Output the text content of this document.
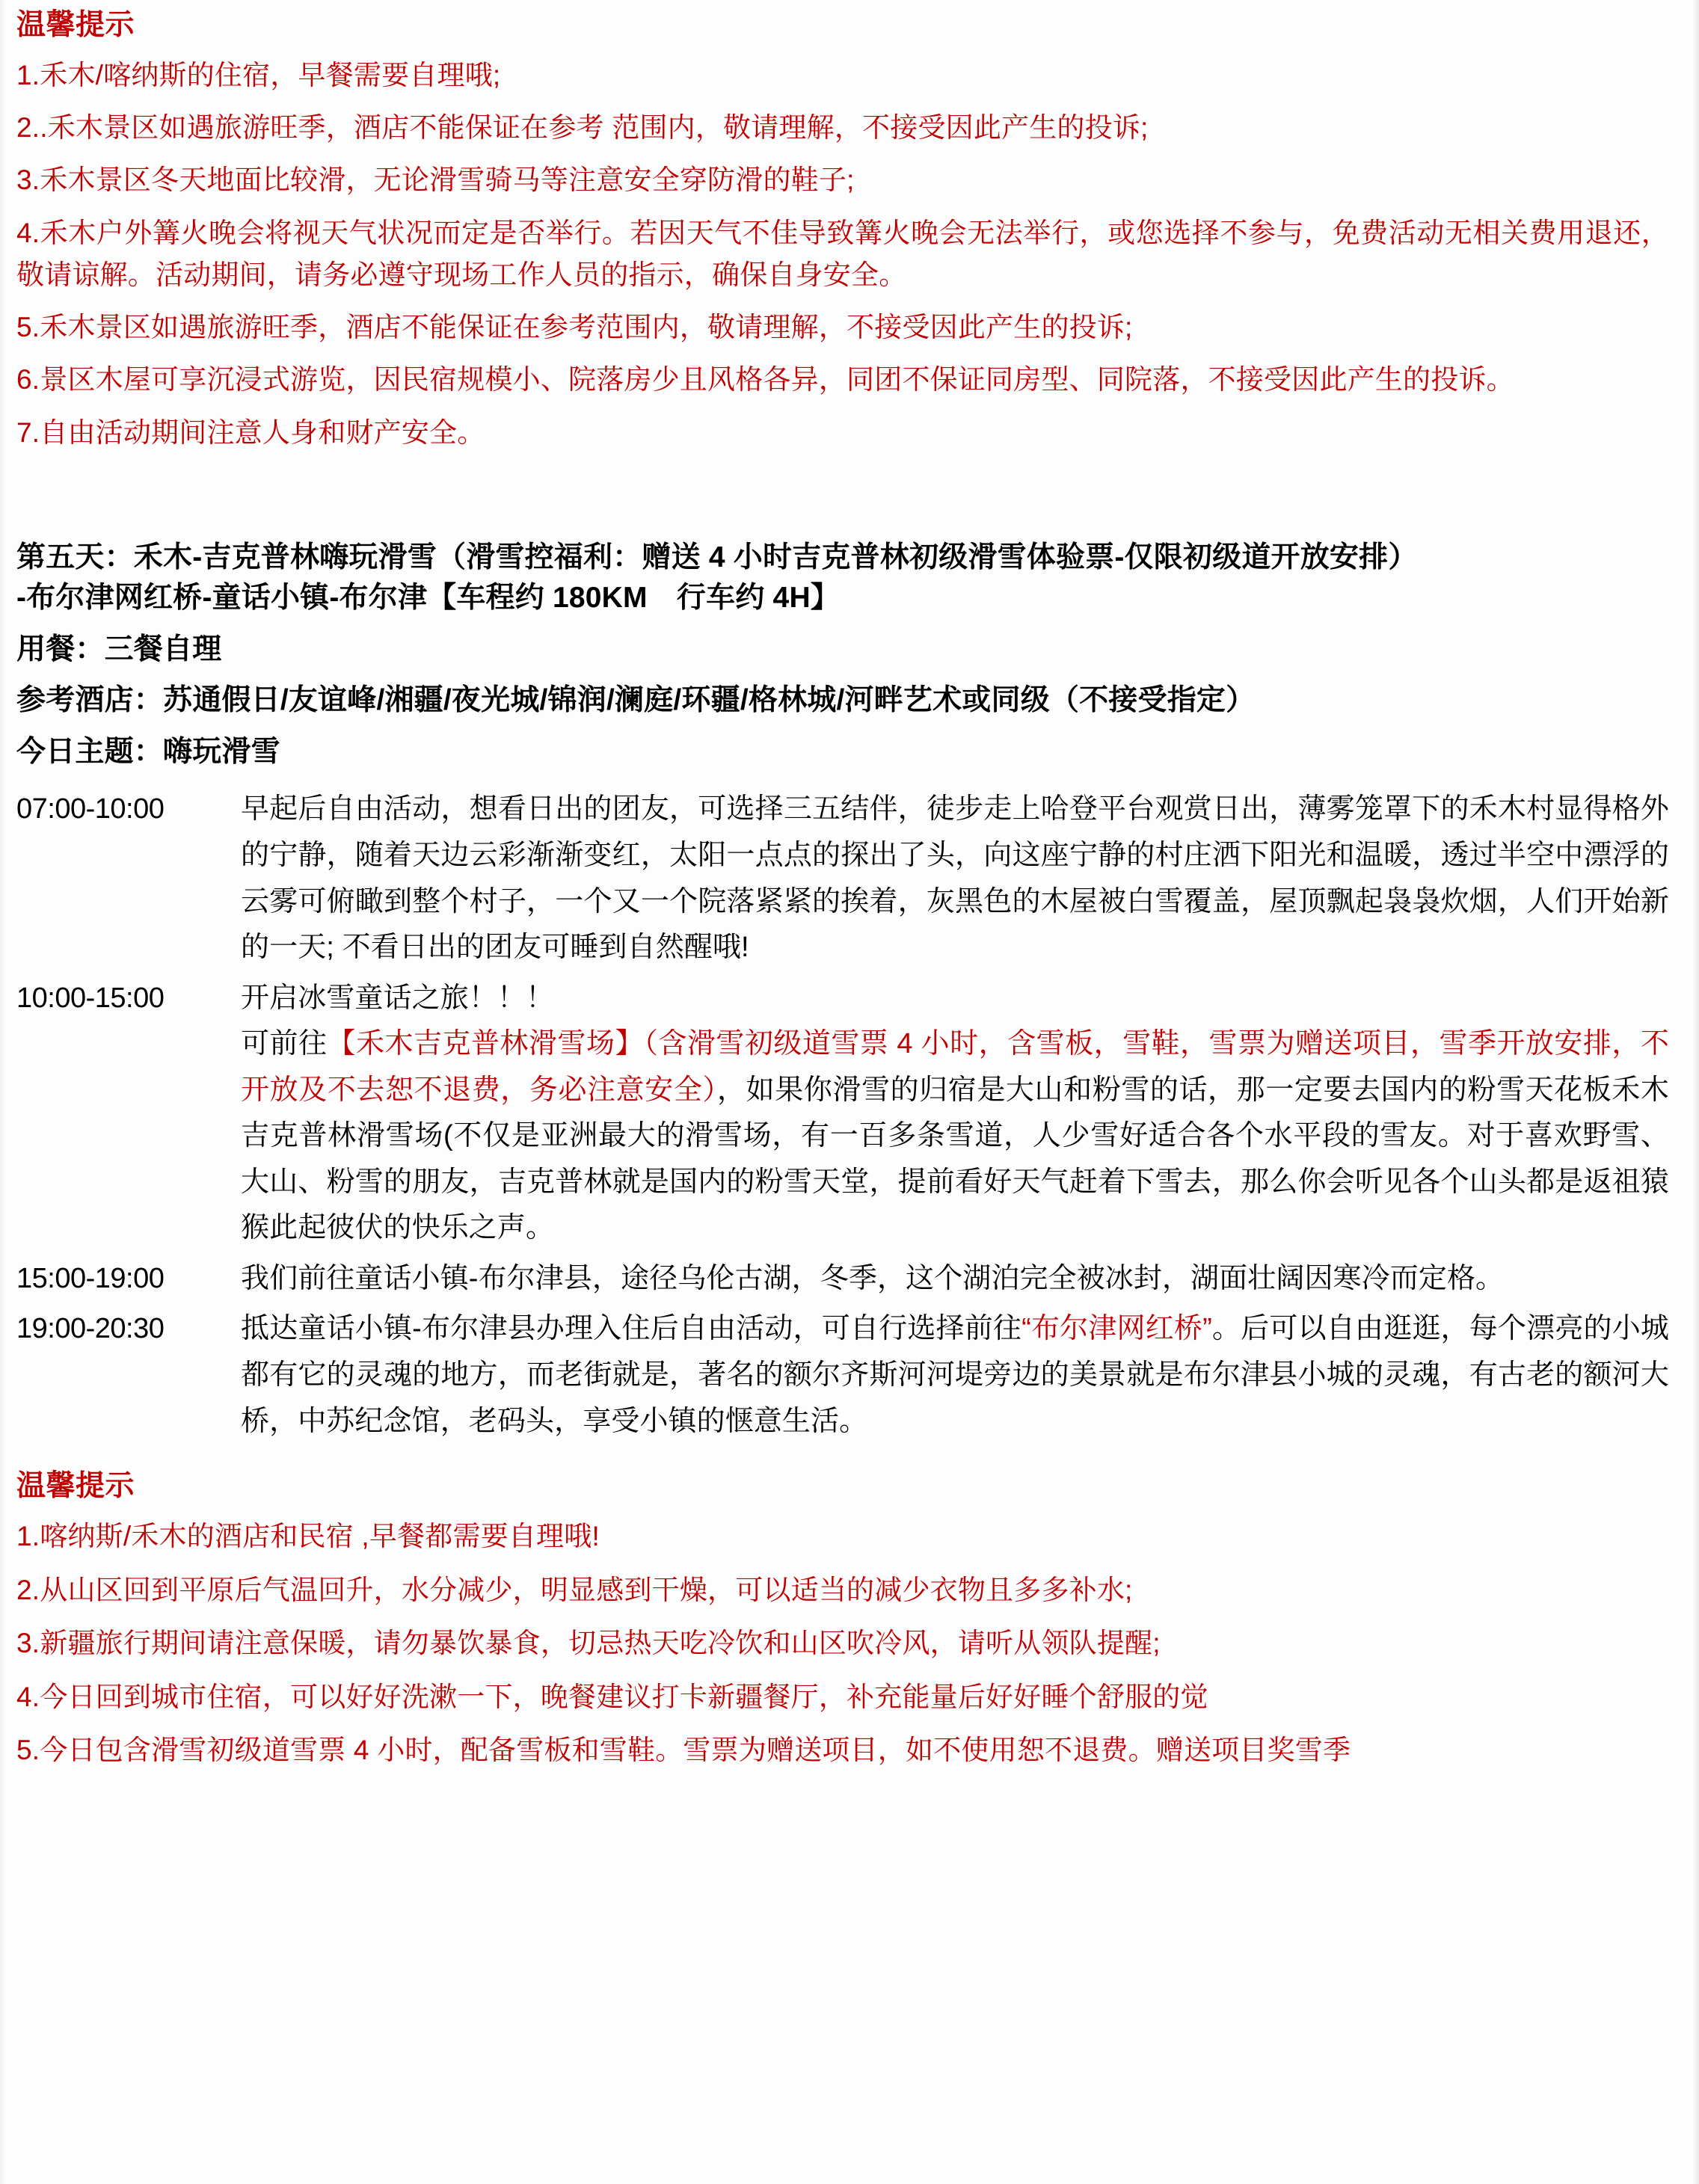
温馨提示

1.禾木/喀纳斯的住宿，早餐需要自理哦;

2..禾木景区如遇旅游旺季，酒店不能保证在参考 范围内，敬请理解，不接受因此产生的投诉;

3.禾木景区冬天地面比较滑，无论滑雪骑马等注意安全穿防滑的鞋子;

4.禾木户外篝火晚会将视天气状况而定是否举行。若因天气不佳导致篝火晚会无法举行，或您选择不参与，免费活动无相关费用退还，敬请谅解。活动期间，请务必遵守现场工作人员的指示，确保自身安全。

5.禾木景区如遇旅游旺季，酒店不能保证在参考范围内，敬请理解，不接受因此产生的投诉;

6.景区木屋可享沉浸式游览，因民宿规模小、院落房少且风格各异，同团不保证同房型、同院落，不接受因此产生的投诉。

7.自由活动期间注意人身和财产安全。

第五天：禾木-吉克普林嗨玩滑雪（滑雪控福利：赠送 4 小时吉克普林初级滑雪体验票-仅限初级道开放安排）
-布尔津网红桥-童话小镇-布尔津【车程约 180KM　行车约 4H】
用餐：三餐自理
参考酒店：苏通假日/友谊峰/湘疆/夜光城/锦润/澜庭/环疆/格林城/河畔艺术或同级（不接受指定）
今日主题：嗨玩滑雪
07:00-10:00	早起后自由活动，想看日出的团友，可选择三五结伴，徒步走上哈登平台观赏日出，薄雾笼罩下的禾木村显得格外的宁静，随着天边云彩渐渐变红，太阳一点点的探出了头，向这座宁静的村庄洒下阳光和温暖，透过半空中漂浮的云雾可俯瞰到整个村子，一个又一个院落紧紧的挨着，灰黑色的木屋被白雪覆盖，屋顶飘起袅袅炊烟，人们开始新的一天; 不看日出的团友可睡到自然醒哦!

10:00-15:00	开启冰雪童话之旅！！！

可前往【禾木吉克普林滑雪场】（含滑雪初级道雪票 4 小时，含雪板，雪鞋，雪票为赠送项目，雪季开放安排，不开放及不去恕不退费，务必注意安全），如果你滑雪的归宿是大山和粉雪的话，那一定要去国内的粉雪天花板禾木吉克普林滑雪场(不仅是亚洲最大的滑雪场，有一百多条雪道，人少雪好适合各个水平段的雪友。对于喜欢野雪、大山、粉雪的朋友，吉克普林就是国内的粉雪天堂，提前看好天气赶着下雪去，那么你会听见各个山头都是返祖猿猴此起彼伏的快乐之声。

15:00-19:00	我们前往童话小镇-布尔津县，途径乌伦古湖，冬季，这个湖泊完全被冰封，湖面壮阔因寒冷而定格。

19:00-20:30	抵达童话小镇-布尔津县办理入住后自由活动，可自行选择前往“布尔津网红桥”。后可以自由逛逛，每个漂亮的小城都有它的灵魂的地方，而老街就是，著名的额尔齐斯河河堤旁边的美景就是布尔津县小城的灵魂，有古老的额河大桥，中苏纪念馆，老码头，享受小镇的惬意生活。

温馨提示

1.喀纳斯/禾木的酒店和民宿 ,早餐都需要自理哦!

2.从山区回到平原后气温回升，水分减少，明显感到干燥，可以适当的减少衣物且多多补水;

3.新疆旅行期间请注意保暖，请勿暴饮暴食，切忌热天吃冷饮和山区吹冷风，请听从领队提醒;

4.今日回到城市住宿，可以好好洗漱一下，晚餐建议打卡新疆餐厅，补充能量后好好睡个舒服的觉

5.今日包含滑雪初级道雪票 4 小时，配备雪板和雪鞋。雪票为赠送项目，如不使用恕不退费。赠送项目奖雪季
